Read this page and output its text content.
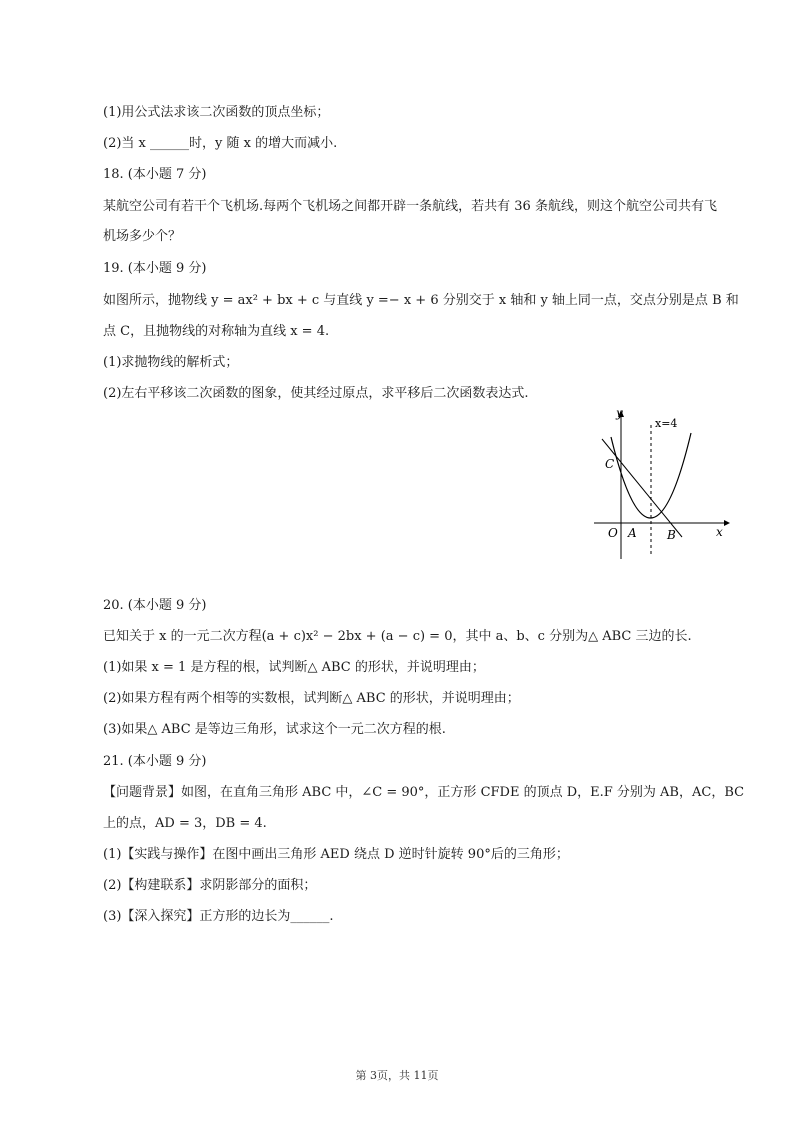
(1)用公式法求该二次函数的顶点坐标；

(2)当 x ______时，y 随 x 的增大而减小.

18. (本小题 7 分)

某航空公司有若干个飞机场.每两个飞机场之间都开辟一条航线，若共有 36 条航线，则这个航空公司共有飞

机场多少个？

19. (本小题 9 分)

如图所示，抛物线 y = ax² + bx + c 与直线 y =− x + 6 分别交于 x 轴和 y 轴上同一点，交点分别是点 B 和

点 C，且抛物线的对称轴为直线 x = 4.

(1)求抛物线的解析式；

(2)左右平移该二次函数的图象，使其经过原点，求平移后二次函数表达式.

y
x
x=4
C
O A	B

20. (本小题 9 分)

已知关于 x 的一元二次方程(a + c)x² − 2bx + (a − c) = 0，其中 a、b、c 分别为△ ABC 三边的长.

(1)如果 x = 1 是方程的根，试判断△ ABC 的形状，并说明理由；

(2)如果方程有两个相等的实数根，试判断△ ABC 的形状，并说明理由；

(3)如果△ ABC 是等边三角形，试求这个一元二次方程的根.

21. (本小题 9 分)

【问题背景】如图，在直角三角形 ABC 中，∠C = 90°，正方形 CFDE 的顶点 D，E.F 分别为 AB，AC，BC

上的点，AD = 3，DB = 4.

(1)【实践与操作】在图中画出三角形 AED 绕点 D 逆时针旋转 90°后的三角形；

(2)【构建联系】求阴影部分的面积；

(3)【深入探究】正方形的边长为______.

第 3页，共 11页
